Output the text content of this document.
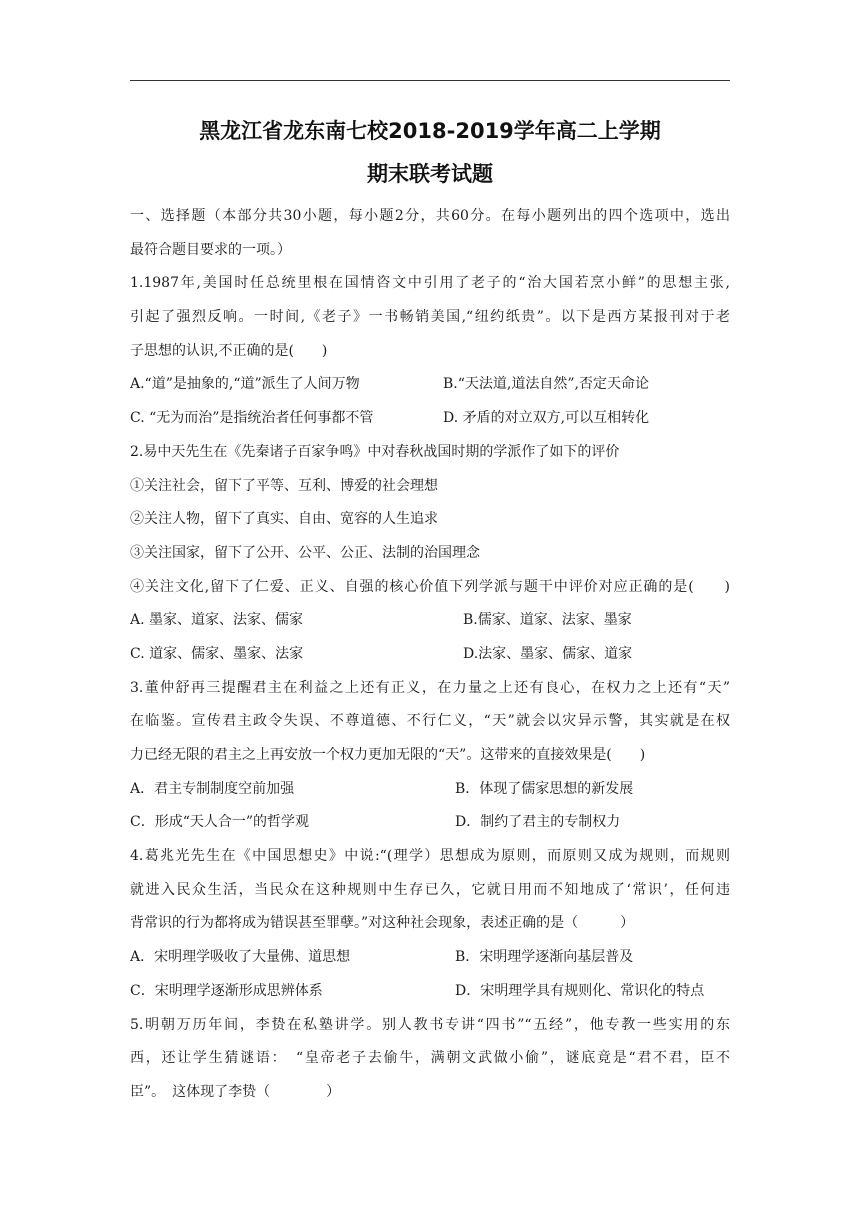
黑龙江省龙东南七校2018-2019学年高二上学期
期末联考试题
一、选择题（本部分共30小题，每小题2分，共60分。在每小题列出的四个选项中，选出
最符合题目要求的一项。）
1.1987年,美国时任总统里根在国情咨文中引用了老子的“治大国若烹小鲜”的思想主张,
引起了强烈反响。一时间,《老子》一书畅销美国,“纽约纸贵”。以下是西方某报刊对于老
子思想的认识,不正确的是(　　)
A.“道”是抽象的,“道”派生了人间万物	B.“天法道,道法自然”,否定天命论
C. “无为而治”是指统治者任何事都不管	D. 矛盾的对立双方,可以互相转化
2.易中天先生在《先秦诸子百家争鸣》中对春秋战国时期的学派作了如下的评价
①关注社会，留下了平等、互利、博爱的社会理想
②关注人物，留下了真实、自由、宽容的人生追求
③关注国家，留下了公开、公平、公正、法制的治国理念
④关注文化,留下了仁爱、正义、自强的核心价值下列学派与题干中评价对应正确的是(　　)
A. 墨家、道家、法家、儒家	B.儒家、道家、法家、墨家
C. 道家、儒家、墨家、法家	D.法家、墨家、儒家、道家
3.董仲舒再三提醒君主在利益之上还有正义，在力量之上还有良心，在权力之上还有“天”
在临鉴。宣传君主政令失误、不尊道德、不行仁义，“天”就会以灾异示警，其实就是在权
力已经无限的君主之上再安放一个权力更加无限的“天”。这带来的直接效果是(　　)
A．君主专制制度空前加强	B．体现了儒家思想的新发展
C．形成“天人合一”的哲学观	D．制约了君主的专制权力
4.葛兆光先生在《中国思想史》中说:“(理学）思想成为原则，而原则又成为规则，而规则
就进入民众生活，当民众在这种规则中生存已久，它就日用而不知地成了‘常识’，任何违
背常识的行为都将成为错误甚至罪孽。”对这种社会现象，表述正确的是（　　　）
A．宋明理学吸收了大量佛、道思想	B．宋明理学逐渐向基层普及
C．宋明理学逐渐形成思辨体系	D．宋明理学具有规则化、常识化的特点
5.明朝万历年间，李贽在私塾讲学。别人教书专讲“四书”“五经”，他专教一些实用的东
西，还让学生猜谜语：　“皇帝老子去偷牛，满朝文武做小偷”，谜底竟是“君不君，臣不
臣”。　这体现了李贽（　　　　）
